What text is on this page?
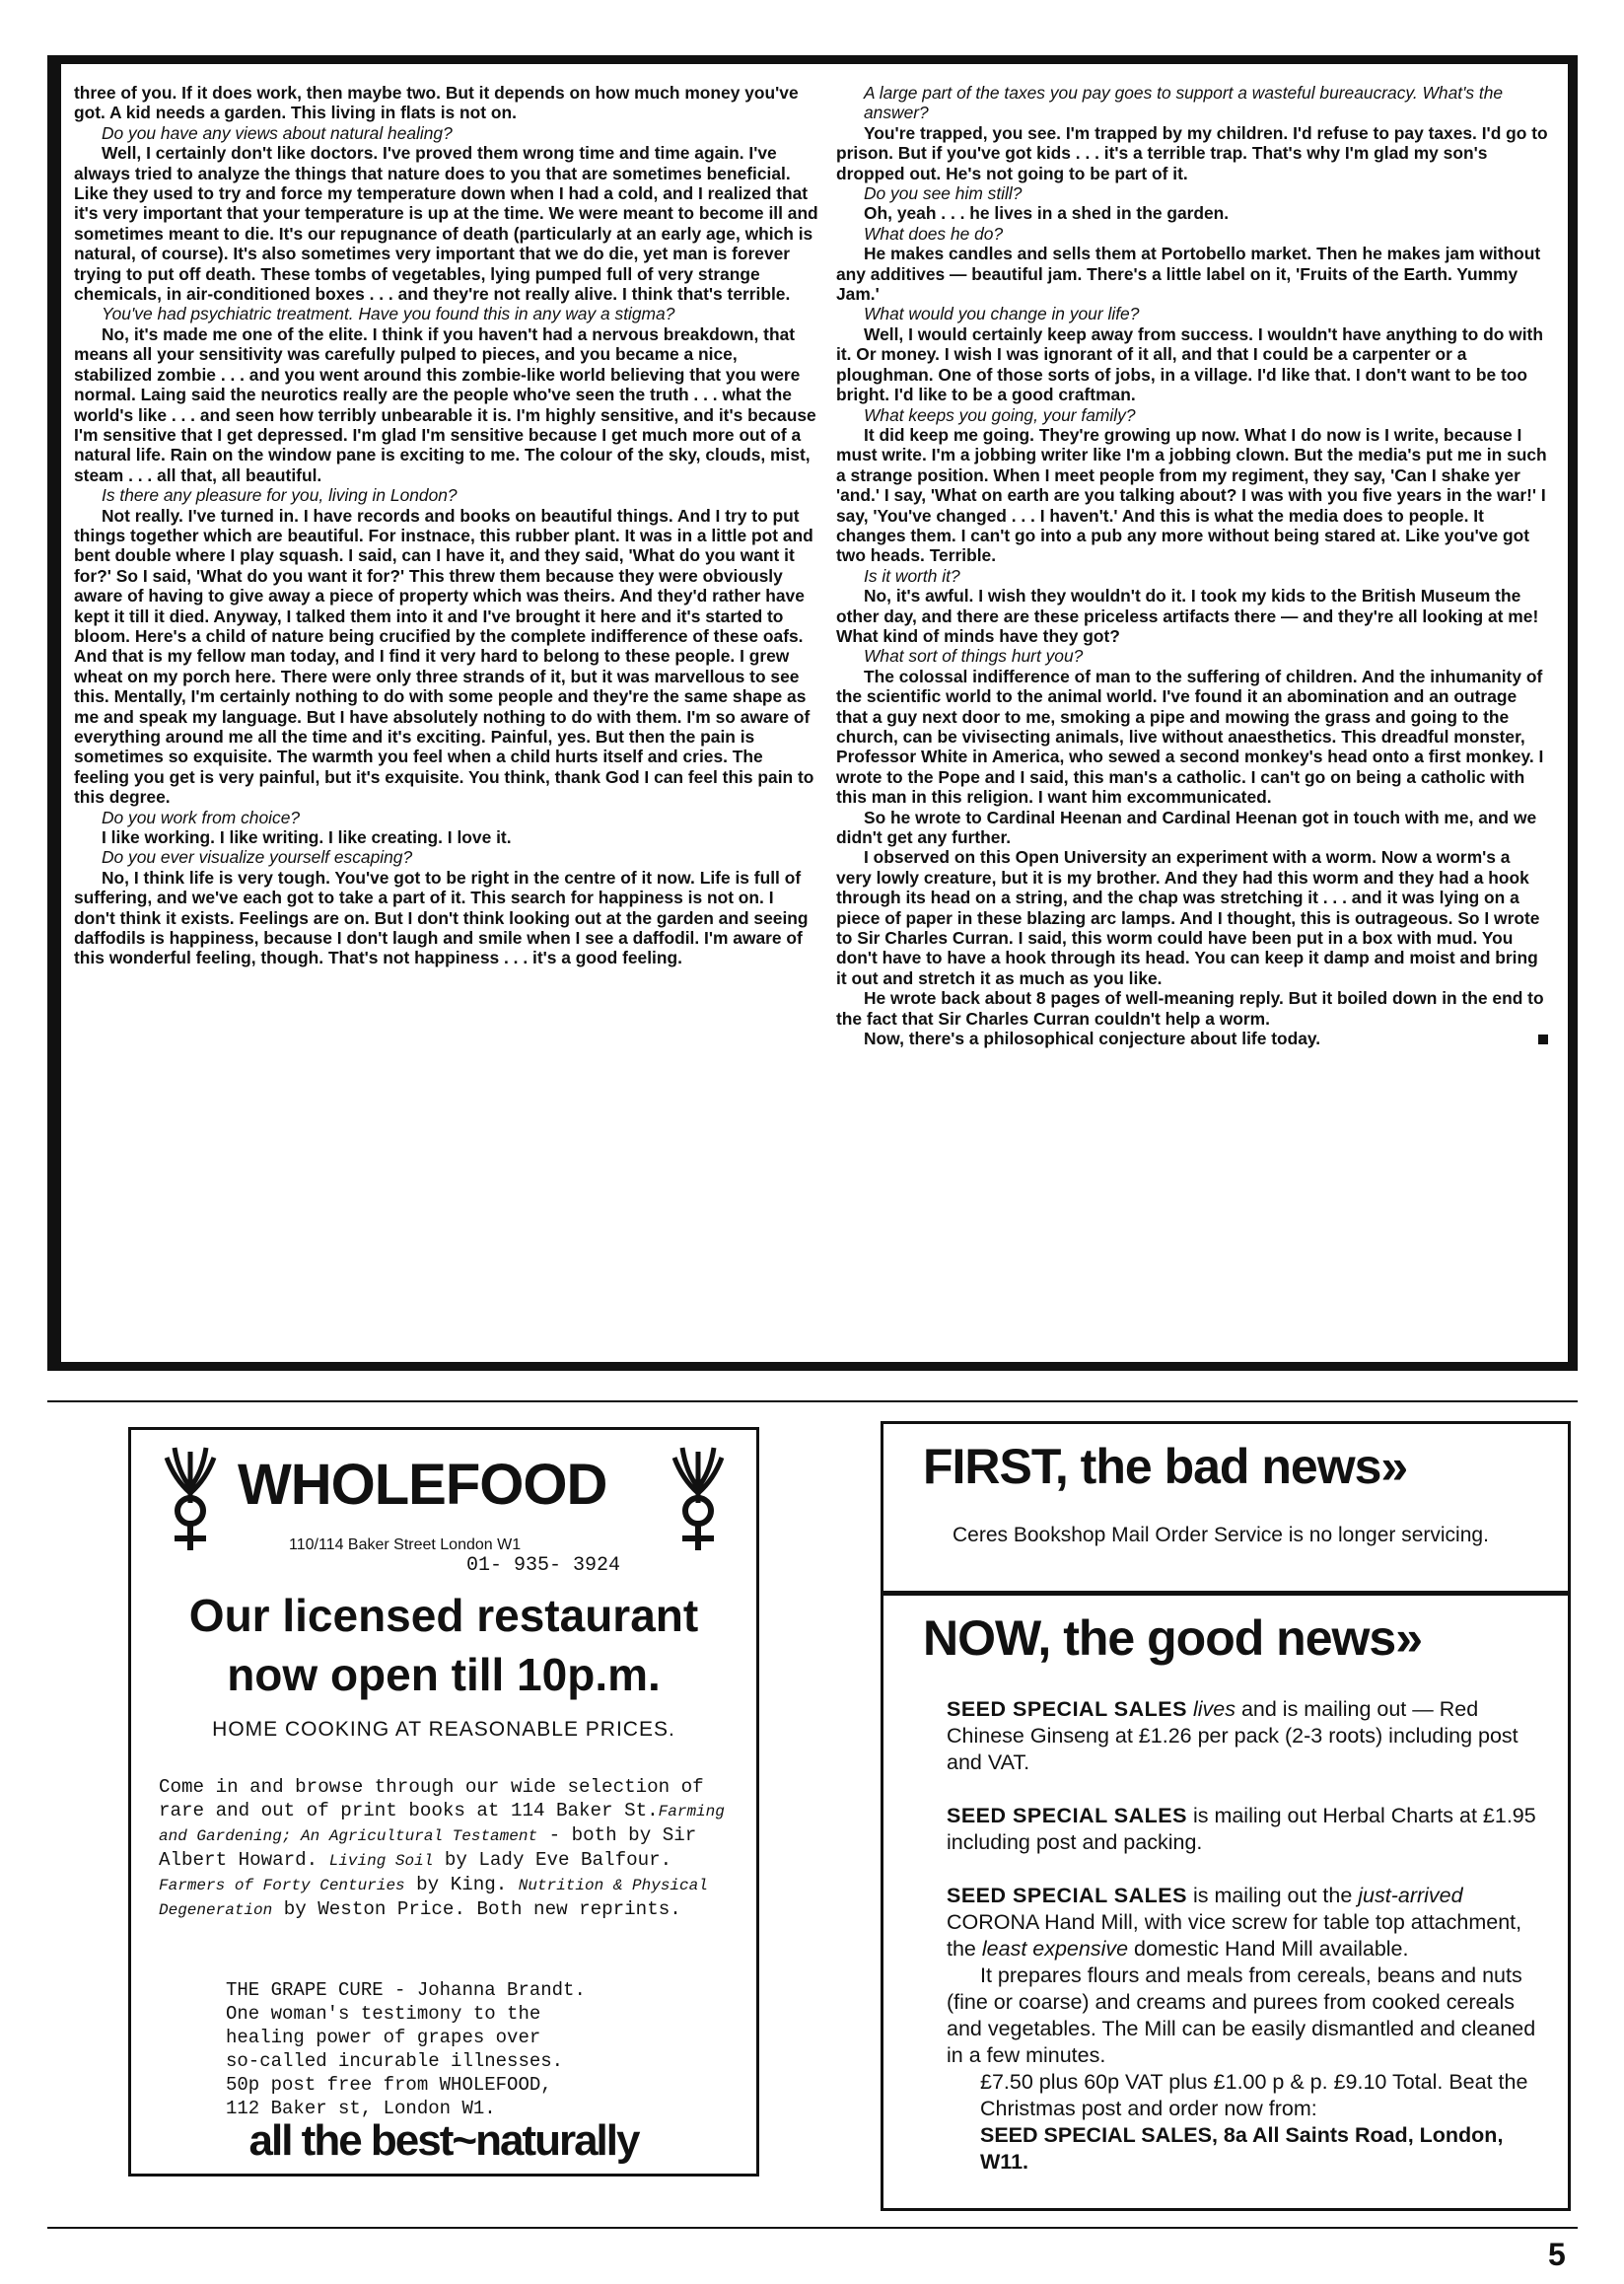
three of you. If it does work, then maybe two. But it depends on how much money you've got. A kid needs a garden. This living in flats is not on.

Do you have any views about natural healing?

Well, I certainly don't like doctors. I've proved them wrong time and time again. I've always tried to analyze the things that nature does to you that are sometimes beneficial. Like they used to try and force my temperature down when I had a cold, and I realized that it's very important that your temperature is up at the time. We were meant to become ill and sometimes meant to die. It's our repugnance of death (particularly at an early age, which is natural, of course). It's also sometimes very important that we do die, yet man is forever trying to put off death. These tombs of vegetables, lying pumped full of very strange chemicals, in air-conditioned boxes . . . and they're not really alive. I think that's terrible.

You've had psychiatric treatment. Have you found this in any way a stigma?

No, it's made me one of the elite. I think if you haven't had a nervous breakdown, that means all your sensitivity was carefully pulped to pieces, and you became a nice, stabilized zombie . . . and you went around this zombie-like world believing that you were normal. Laing said the neurotics really are the people who've seen the truth . . . what the world's like . . . and seen how terribly unbearable it is. I'm highly sensitive, and it's because I'm sensitive that I get depressed. I'm glad I'm sensitive because I get much more out of a natural life. Rain on the window pane is exciting to me. The colour of the sky, clouds, mist, steam . . . all that, all beautiful.

Is there any pleasure for you, living in London?

Not really. I've turned in. I have records and books on beautiful things. And I try to put things together which are beautiful. For instnace, this rubber plant. It was in a little pot and bent double where I play squash. I said, can I have it, and they said, 'What do you want it for?' So I said, 'What do you want it for?' This threw them because they were obviously aware of having to give away a piece of property which was theirs. And they'd rather have kept it till it died. Anyway, I talked them into it and I've brought it here and it's started to bloom. Here's a child of nature being crucified by the complete indifference of these oafs. And that is my fellow man today, and I find it very hard to belong to these people. I grew wheat on my porch here. There were only three strands of it, but it was marvellous to see this. Mentally, I'm certainly nothing to do with some people and they're the same shape as me and speak my language. But I have absolutely nothing to do with them. I'm so aware of everything around me all the time and it's exciting. Painful, yes. But then the pain is sometimes so exquisite. The warmth you feel when a child hurts itself and cries. The feeling you get is very painful, but it's exquisite. You think, thank God I can feel this pain to this degree.

Do you work from choice?

I like working. I like writing. I like creating. I love it.

Do you ever visualize yourself escaping?

No, I think life is very tough. You've got to be right in the centre of it now. Life is full of suffering, and we've each got to take a part of it. This search for happiness is not on. I don't think it exists. Feelings are on. But I don't think looking out at the garden and seeing daffodils is happiness, because I don't laugh and smile when I see a daffodil. I'm aware of this wonderful feeling, though. That's not happiness . . . it's a good feeling.

A large part of the taxes you pay goes to support a wasteful bureaucracy. What's the answer?

You're trapped, you see. I'm trapped by my children. I'd refuse to pay taxes. I'd go to prison. But if you've got kids . . . it's a terrible trap. That's why I'm glad my son's dropped out. He's not going to be part of it.

Do you see him still?

Oh, yeah . . . he lives in a shed in the garden.

What does he do?

He makes candles and sells them at Portobello market. Then he makes jam without any additives — beautiful jam. There's a little label on it, 'Fruits of the Earth. Yummy Jam.'

What would you change in your life?

Well, I would certainly keep away from success. I wouldn't have anything to do with it. Or money. I wish I was ignorant of it all, and that I could be a carpenter or a ploughman. One of those sorts of jobs, in a village. I'd like that. I don't want to be too bright. I'd like to be a good craftman.

What keeps you going, your family?

It did keep me going. They're growing up now. What I do now is I write, because I must write. I'm a jobbing writer like I'm a jobbing clown. But the media's put me in such a strange position. When I meet people from my regiment, they say, 'Can I shake yer 'and.' I say, 'What on earth are you talking about? I was with you five years in the war!' I say, 'You've changed . . . I haven't.' And this is what the media does to people. It changes them. I can't go into a pub any more without being stared at. Like you've got two heads. Terrible.

Is it worth it?

No, it's awful. I wish they wouldn't do it. I took my kids to the British Museum the other day, and there are these priceless artifacts there — and they're all looking at me! What kind of minds have they got?

What sort of things hurt you?

The colossal indifference of man to the suffering of children. And the inhumanity of the scientific world to the animal world. I've found it an abomination and an outrage that a guy next door to me, smoking a pipe and mowing the grass and going to the church, can be vivisecting animals, live without anaesthetics. This dreadful monster, Professor White in America, who sewed a second monkey's head onto a first monkey. I wrote to the Pope and I said, this man's a catholic. I can't go on being a catholic with this man in this religion. I want him excommunicated.

So he wrote to Cardinal Heenan and Cardinal Heenan got in touch with me, and we didn't get any further.

I observed on this Open University an experiment with a worm. Now a worm's a very lowly creature, but it is my brother. And they had this worm and they had a hook through its head on a string, and the chap was stretching it . . . and it was lying on a piece of paper in these blazing arc lamps. And I thought, this is outrageous. So I wrote to Sir Charles Curran. I said, this worm could have been put in a box with mud. You don't have to have a hook through its head. You can keep it damp and moist and bring it out and stretch it as much as you like.

He wrote back about 8 pages of well-meaning reply. But it boiled down in the end to the fact that Sir Charles Curran couldn't help a worm.

Now, there's a philosophical conjecture about life today.

WHOLEFOOD
110/114 Baker Street London W1
01- 935- 3924
Our licensed restaurant
now open till 10p.m.
HOME COOKING AT REASONABLE PRICES.
Come in and browse through our wide selection of rare and out of print books at 114 Baker St.Farming and Gardening; An Agricultural Testament - both by Sir Albert Howard. Living Soil by Lady Eve Balfour. Farmers of Forty Centuries by King. Nutrition & Physical Degeneration by Weston Price. Both new reprints.
THE GRAPE CURE - Johanna Brandt.
One woman's testimony to the
healing power of grapes over
so-called incurable illnesses.
50p post free from WHOLEFOOD,
112 Baker st, London W1.
all the best~naturally
FIRST, the bad news»
Ceres Bookshop Mail Order Service is no longer servicing.
NOW, the good news»

SEED SPECIAL SALES lives and is mailing out — Red Chinese Ginseng at £1.26 per pack (2-3 roots) including post and VAT.

SEED SPECIAL SALES is mailing out Herbal Charts at £1.95 including post and packing.

SEED SPECIAL SALES is mailing out the just-arrived CORONA Hand Mill, with vice screw for table top attachment, the least expensive domestic Hand Mill available.

It prepares flours and meals from cereals, beans and nuts (fine or coarse) and creams and purees from cooked cereals and vegetables. The Mill can be easily dismantled and cleaned in a few minutes.

£7.50 plus 60p VAT plus £1.00 p & p. £9.10 Total. Beat the Christmas post and order now from:

SEED SPECIAL SALES, 8a All Saints Road, London, W11.

5
